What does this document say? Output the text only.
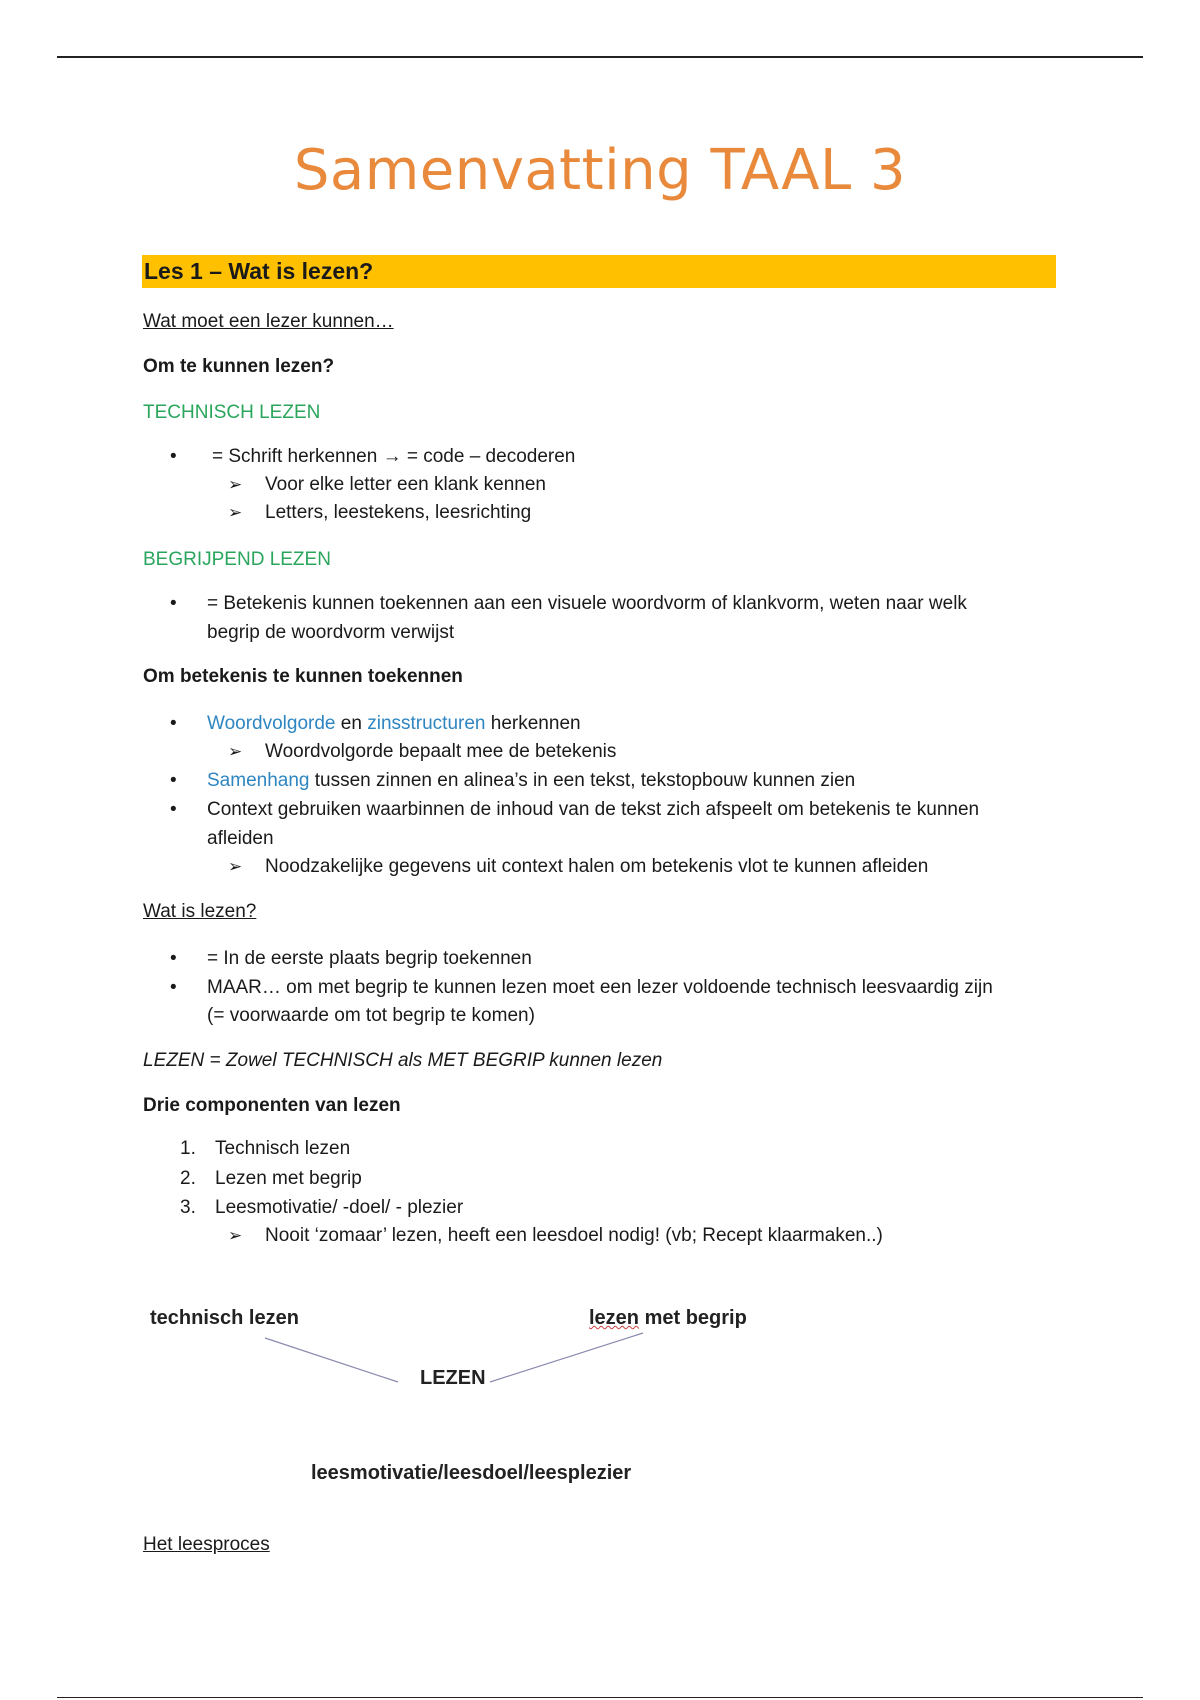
Samenvatting TAAL 3
Les 1 – Wat is lezen?
Wat moet een lezer kunnen…
Om te kunnen lezen?
TECHNISCH LEZEN
•
= Schrift herkennen → = code – decoderen
➢ Voor elke letter een klank kennen
➢ Letters, leestekens, leesrichting
BEGRIJPEND LEZEN
•
= Betekenis kunnen toekennen aan een visuele woordvorm of klankvorm, weten naar welk
begrip de woordvorm verwijst
Om betekenis te kunnen toekennen
•
Woordvolgorde en zinsstructuren herkennen
➢ Woordvolgorde bepaalt mee de betekenis
•
Samenhang tussen zinnen en alinea’s in een tekst, tekstopbouw kunnen zien
•
Context gebruiken waarbinnen de inhoud van de tekst zich afspeelt om betekenis te kunnen
afleiden
➢ Noodzakelijke gegevens uit context halen om betekenis vlot te kunnen afleiden
Wat is lezen?
•
= In de eerste plaats begrip toekennen
•
MAAR… om met begrip te kunnen lezen moet een lezer voldoende technisch leesvaardig zijn
(= voorwaarde om tot begrip te komen)
LEZEN = Zowel TECHNISCH als MET BEGRIP kunnen lezen
Drie componenten van lezen
1. Technisch lezen
2. Lezen met begrip
3. Leesmotivatie/ -doel/ - plezier
➢ Nooit ‘zomaar’ lezen, heeft een leesdoel nodig! (vb; Recept klaarmaken..)
technisch lezen	lezen met begrip
LEZEN
leesmotivatie/leesdoel/leesplezier
Het leesproces
